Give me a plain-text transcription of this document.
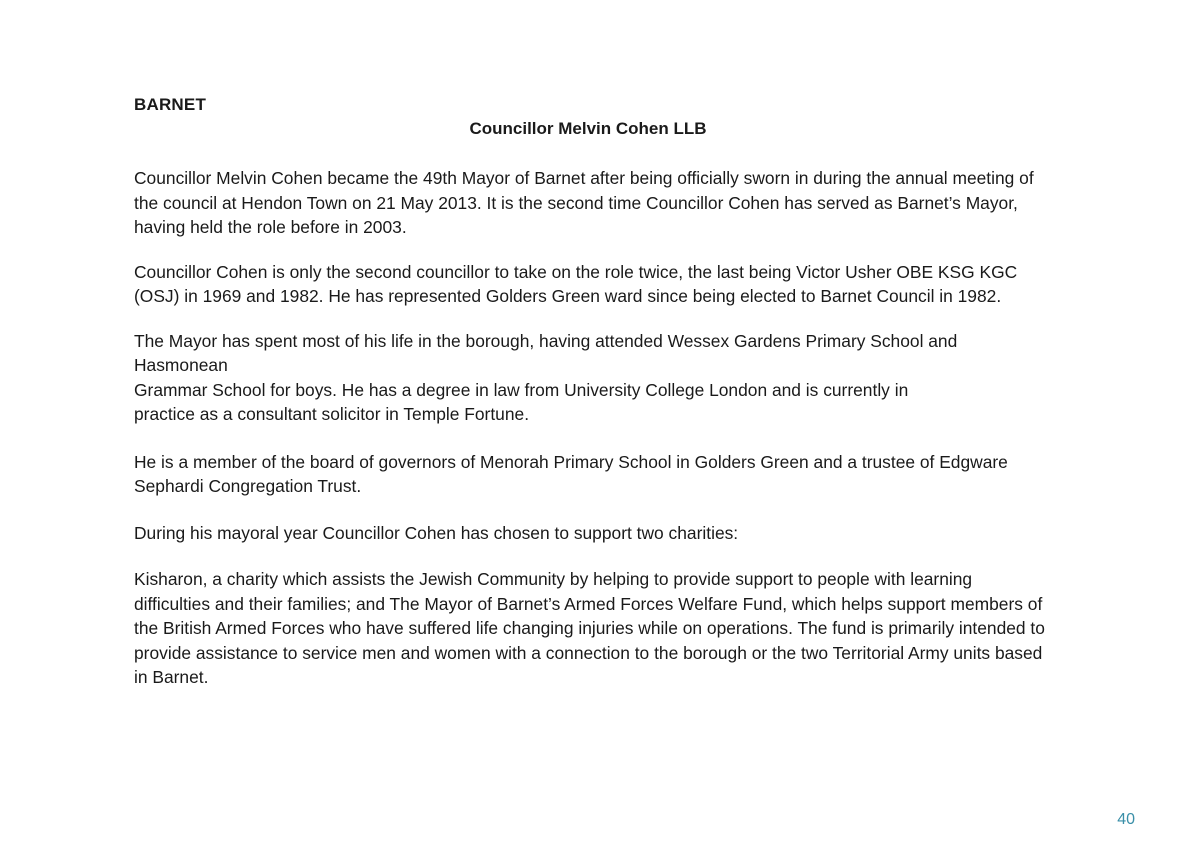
BARNET
Councillor Melvin Cohen LLB

Councillor Melvin Cohen became the 49th Mayor of Barnet after being officially sworn in during the annual meeting of
the council at Hendon Town on 21 May 2013. It is the second time Councillor Cohen has served as Barnet’s Mayor,
having held the role before in 2003.

Councillor Cohen is only the second councillor to take on the role twice, the last being Victor Usher OBE KSG KGC
(OSJ) in 1969 and 1982. He has represented Golders Green ward since being elected to Barnet Council in 1982.

The Mayor has spent most of his life in the borough, having attended Wessex Gardens Primary School and Hasmonean
Grammar School for boys. He has a degree in law from University College London and is currently in
practice as a consultant solicitor in Temple Fortune.

He is a member of the board of governors of Menorah Primary School in Golders Green and a trustee of Edgware
Sephardi Congregation Trust.

During his mayoral year Councillor Cohen has chosen to support two charities:

Kisharon, a charity which assists the Jewish Community by helping to provide support to people with learning
difficulties and their families; and The Mayor of Barnet’s Armed Forces Welfare Fund, which helps support members of
the British Armed Forces who have suffered life changing injuries while on operations. The fund is primarily intended to
provide assistance to service men and women with a connection to the borough or the two Territorial Army units based
in Barnet.

40
